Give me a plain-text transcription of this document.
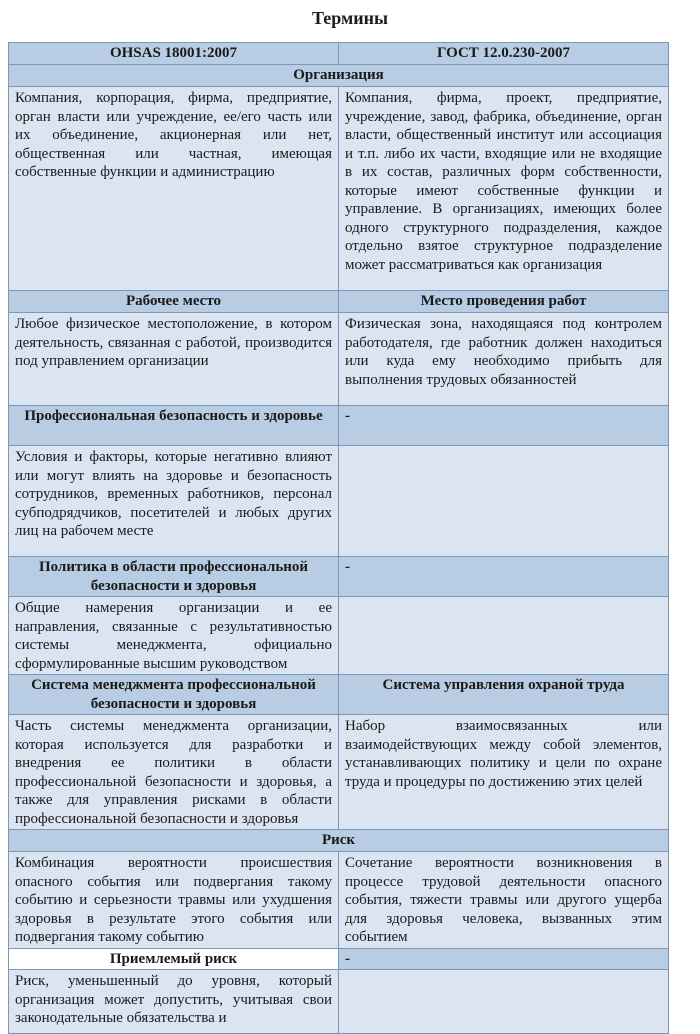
Термины
OHSAS 18001:2007	ГОСТ 12.0.230-2007
Организация	
Компания, корпорация, фирма, предприятие, орган власти или учреждение, ее/его часть или их объединение, акционерная или нет, общественная или частная, имеющая собственные функции и администрацию	Компания, фирма, проект, предприятие, учреждение, завод, фабрика, объединение, орган власти, общественный институт или ассоциация и т.п. либо их части, входящие или не входящие в их состав, различных форм собственности, которые имеют собственные функции и управление. В организациях, имеющих более одного структурного подразделения, каждое отдельно взятое структурное подразделение может рассматриваться как организация
Рабочее место	Место проведения работ
Любое физическое местоположение, в котором деятельность, связанная с работой, производится под управлением организации	Физическая зона, находящаяся под контролем работодателя, где работник должен находиться или куда ему необходимо прибыть для выполнения трудовых обязанностей
Профессиональная безопасность и здоровье	-
Условия и факторы, которые негативно влияют или могут влиять на здоровье и безопасность сотрудников, временных работников, персонал субподрядчиков, посетителей и любых других лиц на рабочем месте	
Политика в области профессиональной безопасности и здоровья	-
Общие намерения организации и ее направления, связанные с результативностью системы менеджмента, официально сформулированные высшим руководством	
Система менеджмента профессиональной безопасности и здоровья	Система управления охраной труда
Часть системы менеджмента организации, которая используется для разработки и внедрения ее политики в области профессиональной безопасности и здоровья, а также для управления рисками в области профессиональной безопасности и здоровья	Набор взаимосвязанных или взаимодействующих между собой элементов, устанавливающих политику и цели по охране труда и процедуры по достижению этих целей
Риск	
Комбинация вероятности происшествия опасного события или подвергания такому событию и серьезности травмы или ухудшения здоровья в результате этого события или подвергания такому событию	Сочетание вероятности возникновения в процессе трудовой деятельности опасного события, тяжести травмы или другого ущерба для здоровья человека, вызванных этим событием
Приемлемый риск	-
Риск, уменьшенный до уровня, который организация может допустить, учитывая свои законодательные обязательства и	
